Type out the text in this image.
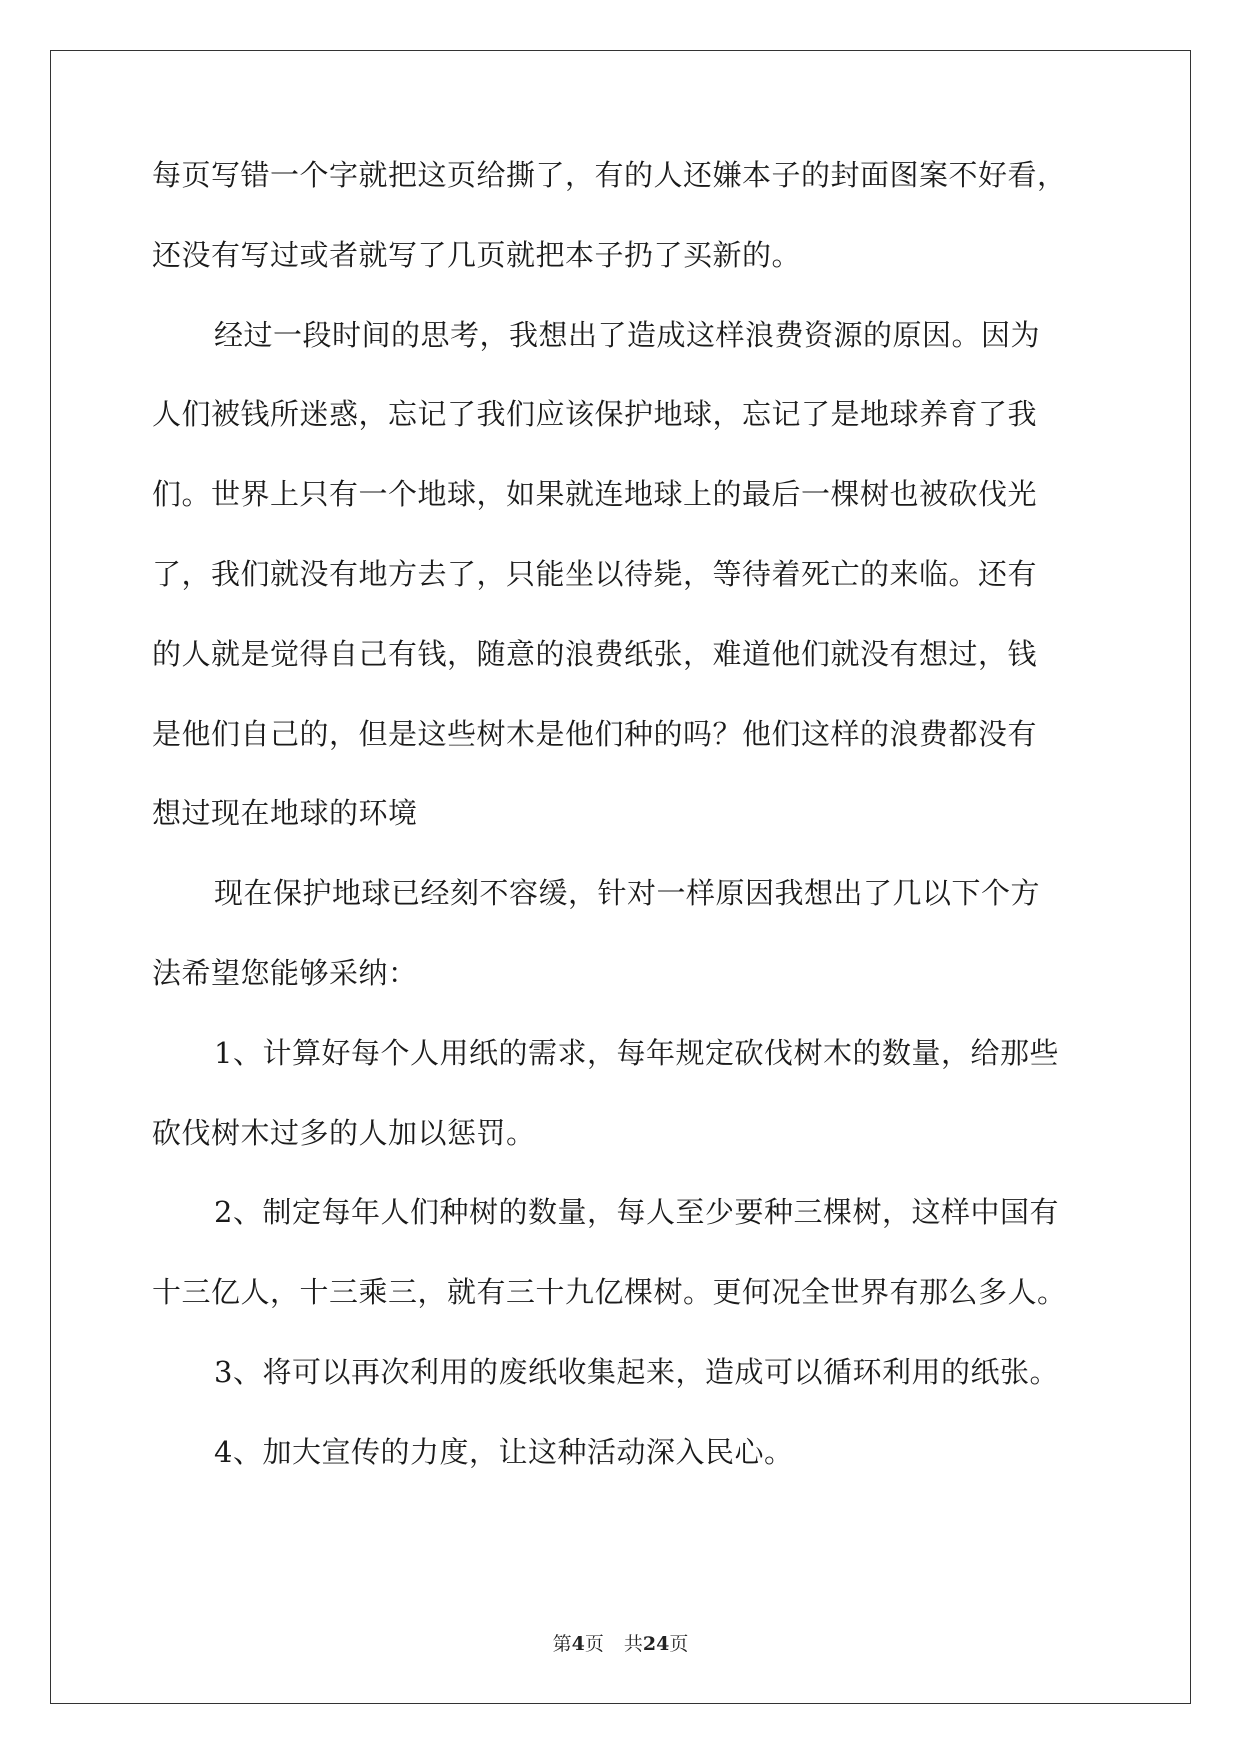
每页写错一个字就把这页给撕了，有的人还嫌本子的封面图案不好看，
还没有写过或者就写了几页就把本子扔了买新的。
经过一段时间的思考，我想出了造成这样浪费资源的原因。因为
人们被钱所迷惑，忘记了我们应该保护地球，忘记了是地球养育了我
们。世界上只有一个地球，如果就连地球上的最后一棵树也被砍伐光
了，我们就没有地方去了，只能坐以待毙，等待着死亡的来临。还有
的人就是觉得自己有钱，随意的浪费纸张，难道他们就没有想过，钱
是他们自己的，但是这些树木是他们种的吗？他们这样的浪费都没有
想过现在地球的环境
现在保护地球已经刻不容缓，针对一样原因我想出了几以下个方
法希望您能够采纳：
1、计算好每个人用纸的需求，每年规定砍伐树木的数量，给那些
砍伐树木过多的人加以惩罚。
2、制定每年人们种树的数量，每人至少要种三棵树，这样中国有
十三亿人，十三乘三，就有三十九亿棵树。更何况全世界有那么多人。
3、将可以再次利用的废纸收集起来，造成可以循环利用的纸张。
4、加大宣传的力度，让这种活动深入民心。
第4页 共24页
